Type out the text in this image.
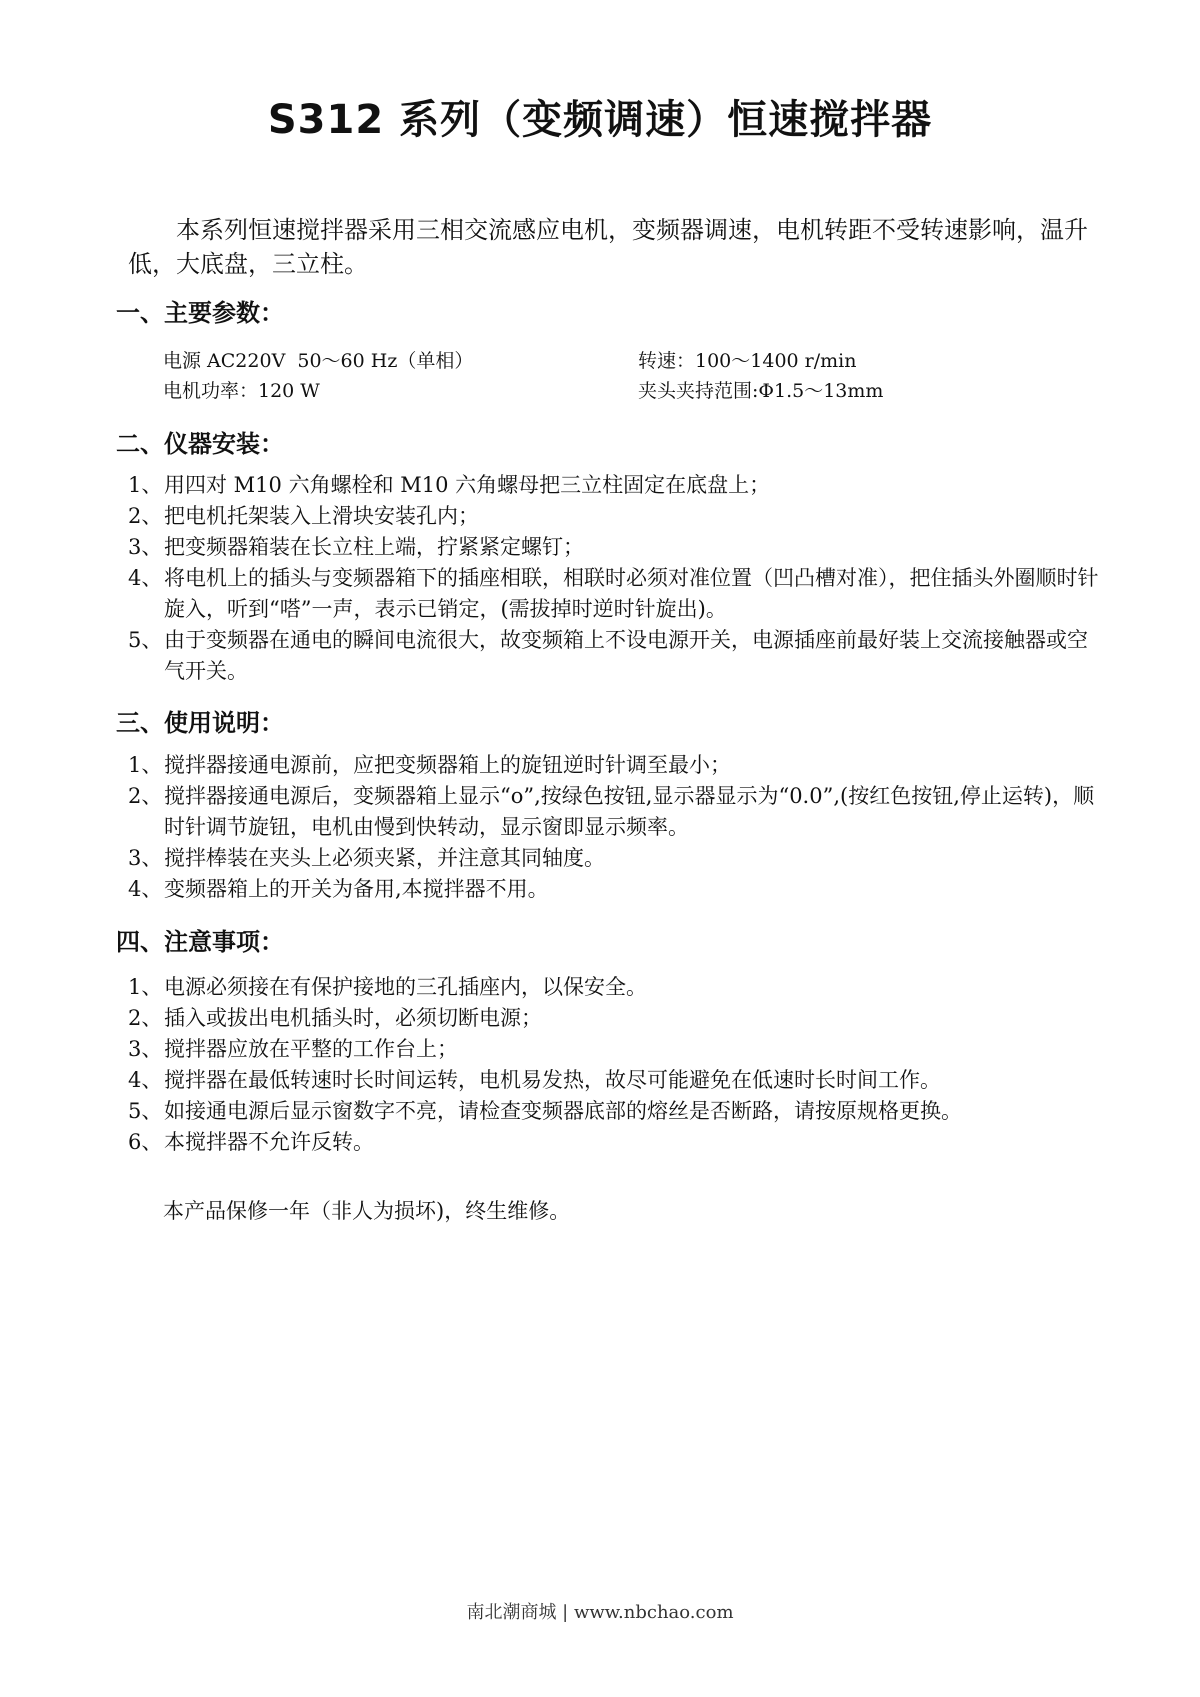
S312 系列（变频调速）恒速搅拌器
本系列恒速搅拌器采用三相交流感应电机，变频器调速，电机转距不受转速影响，温升低，大底盘，三立柱。
一、主要参数：
电源 AC220V  50～60 Hz（单相）	转速：100～1400 r/min
电机功率：120 W	夹头夹持范围:Φ1.5～13mm
二、仪器安装：
1、 用四对 M10 六角螺栓和 M10 六角螺母把三立柱固定在底盘上；
2、 把电机托架装入上滑块安装孔内；
3、 把变频器箱装在长立柱上端，拧紧紧定螺钉；
4、 将电机上的插头与变频器箱下的插座相联，相联时必须对准位置（凹凸槽对准），把住插头外圈顺时针旋入，听到“嗒”一声，表示已销定，(需拔掉时逆时针旋出)。
5、 由于变频器在通电的瞬间电流很大，故变频箱上不设电源开关，电源插座前最好装上交流接触器或空气开关。
三、使用说明：
1、 搅拌器接通电源前，应把变频器箱上的旋钮逆时针调至最小；
2、 搅拌器接通电源后，变频器箱上显示“o”,按绿色按钮,显示器显示为“0.0”,(按红色按钮,停止运转)，顺时针调节旋钮，电机由慢到快转动，显示窗即显示频率。
3、 搅拌棒装在夹头上必须夹紧，并注意其同轴度。
4、 变频器箱上的开关为备用,本搅拌器不用。
四、注意事项：
1、 电源必须接在有保护接地的三孔插座内，以保安全。
2、 插入或拔出电机插头时，必须切断电源；
3、 搅拌器应放在平整的工作台上；
4、 搅拌器在最低转速时长时间运转，电机易发热，故尽可能避免在低速时长时间工作。
5、 如接通电源后显示窗数字不亮，请检查变频器底部的熔丝是否断路，请按原规格更换。
6、 本搅拌器不允许反转。
本产品保修一年（非人为损坏)，终生维修。
南北潮商城 | www.nbchao.com
